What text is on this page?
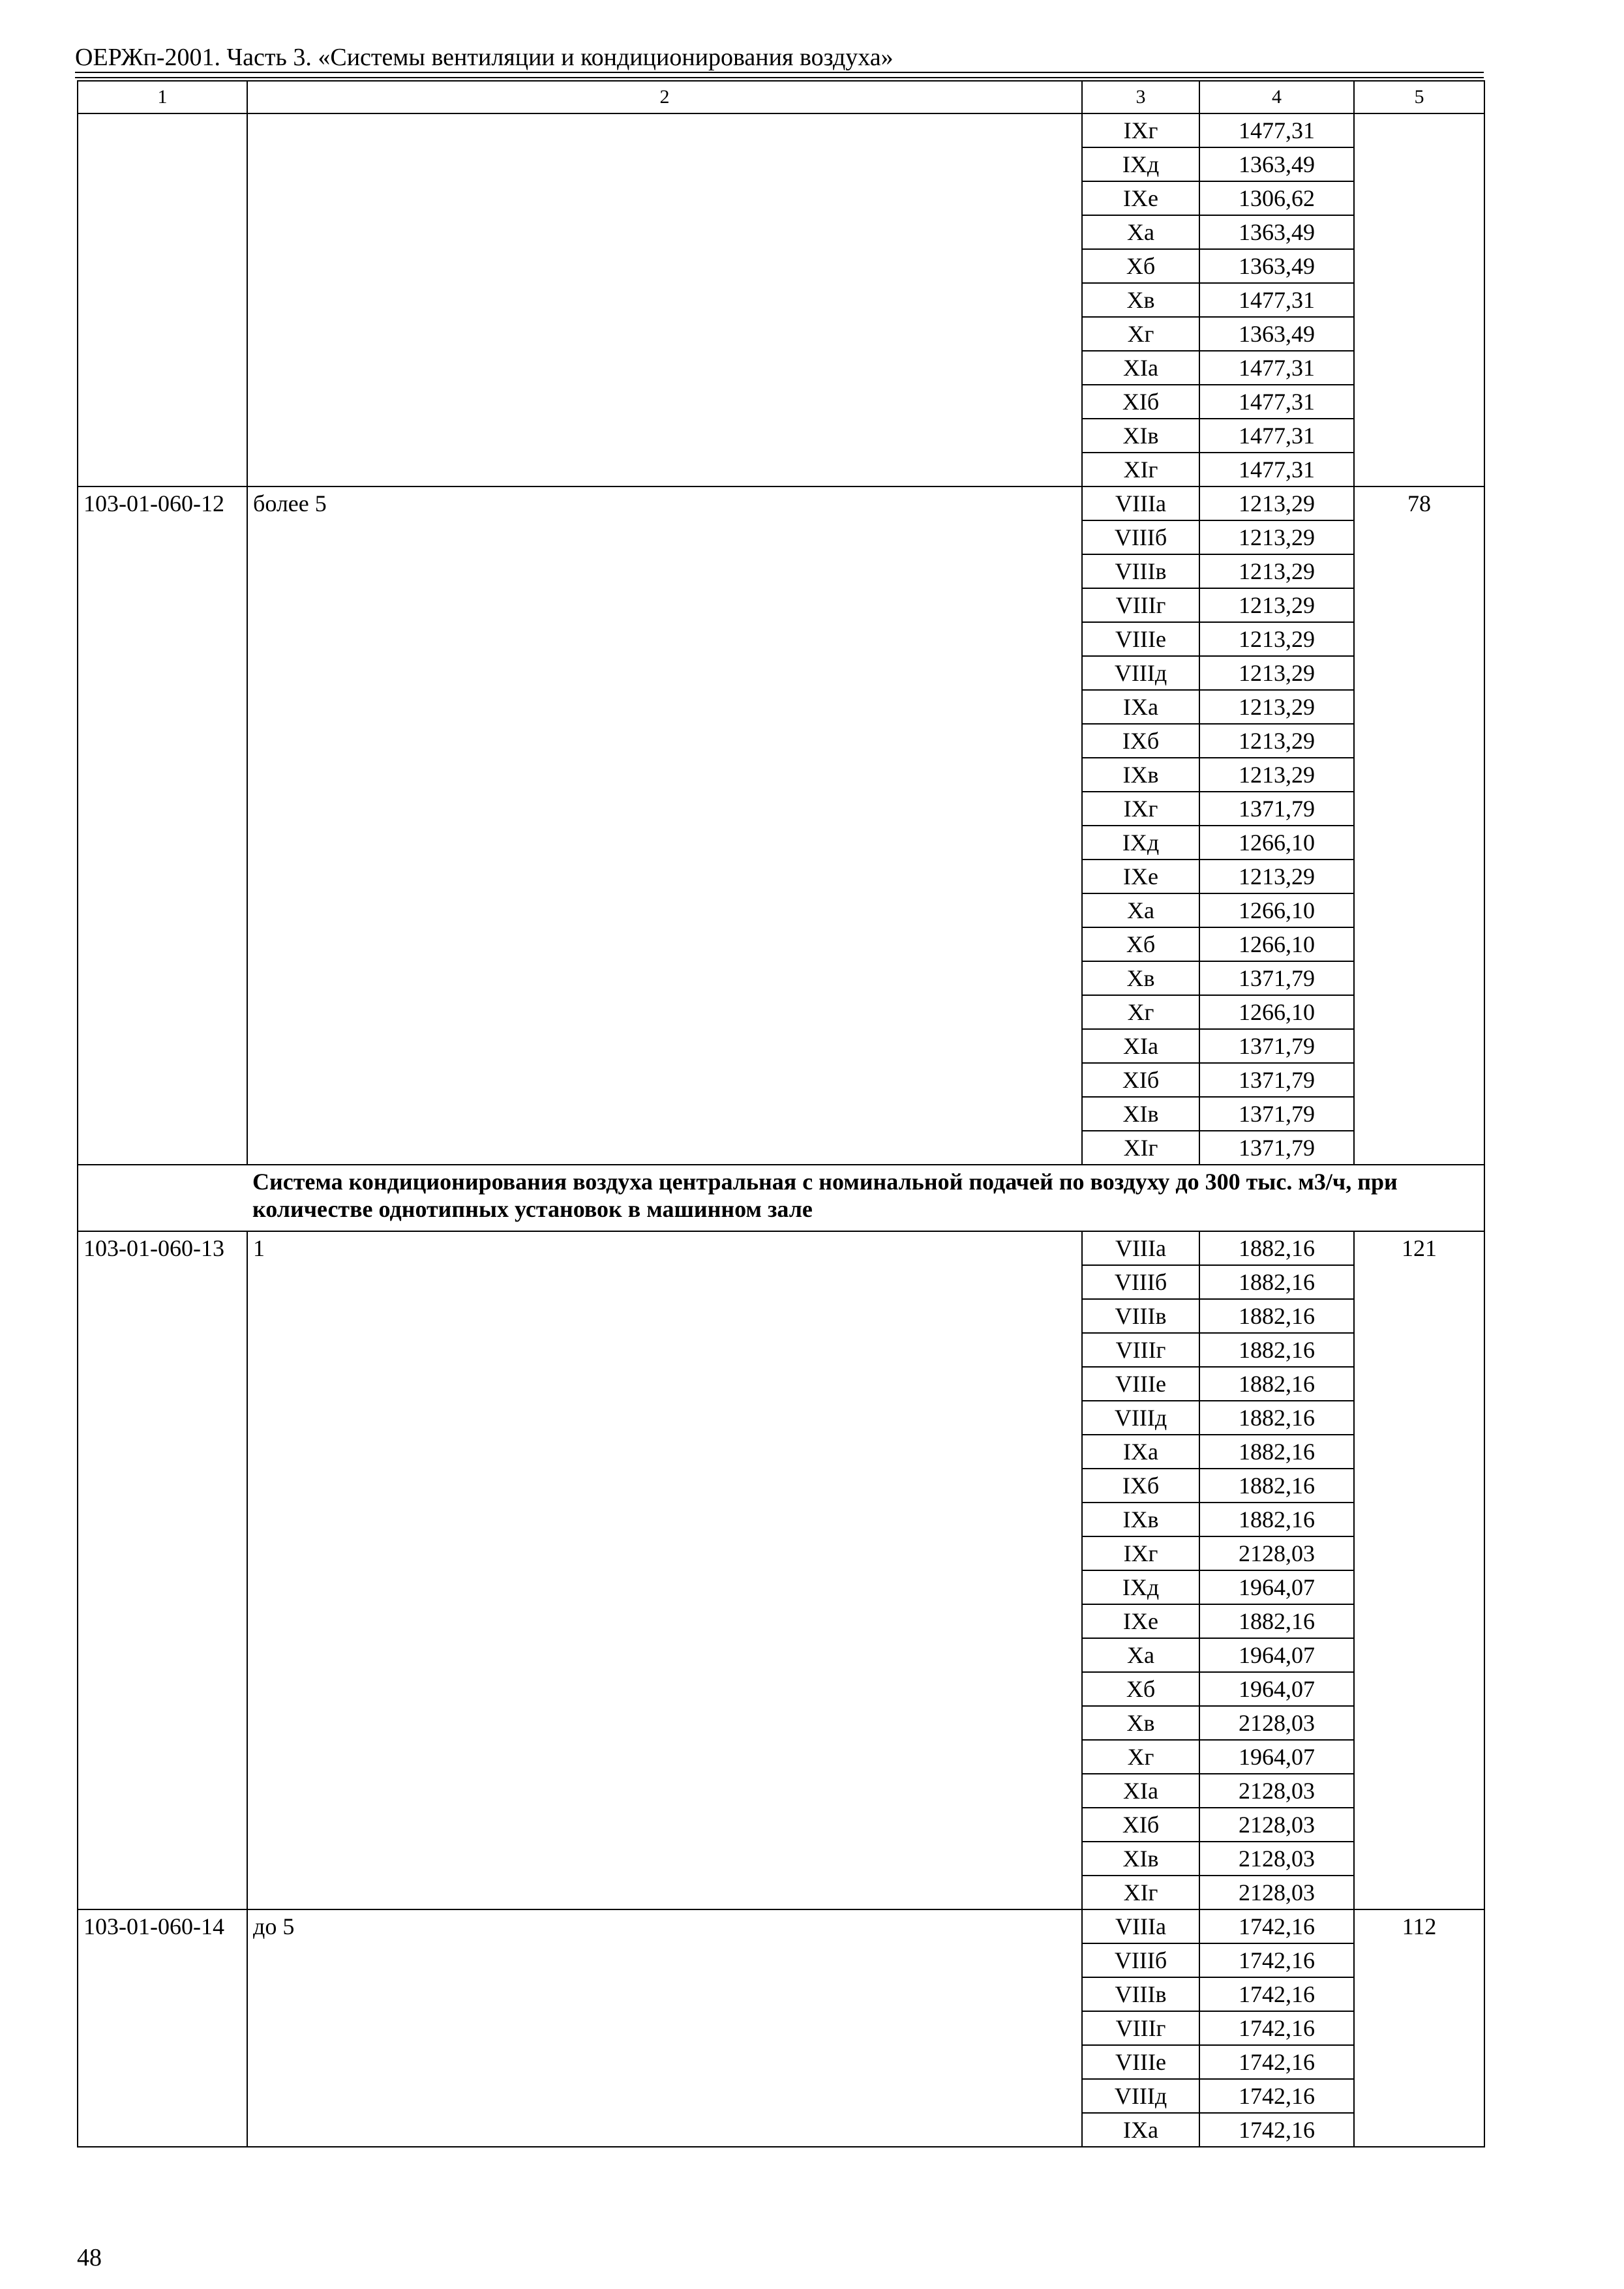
ОЕРЖп-2001. Часть 3. «Системы вентиляции и кондиционирования воздуха»
1	2	3	4	5
		IXг	1477,31	
		IXд	1363,49	
		IXе	1306,62	
		Xа	1363,49	
		Xб	1363,49	
		Xв	1477,31	
		Xг	1363,49	
		XIа	1477,31	
		XIб	1477,31	
		XIв	1477,31	
		XIг	1477,31	
103-01-060-12	более 5	VIIIа	1213,29	78
		VIIIб	1213,29	
		VIIIв	1213,29	
		VIIIг	1213,29	
		VIIIе	1213,29	
		VIIIд	1213,29	
		IXа	1213,29	
		IXб	1213,29	
		IXв	1213,29	
		IXг	1371,79	
		IXд	1266,10	
		IXе	1213,29	
		Xа	1266,10	
		Xб	1266,10	
		Xв	1371,79	
		Xг	1266,10	
		XIа	1371,79	
		XIб	1371,79	
		XIв	1371,79	
		XIг	1371,79	
	Система кондиционирования воздуха центральная с номинальной подачей по воздуху до 300 тыс. м3/ч, при количестве однотипных установок в машинном зале			
103-01-060-13	1	VIIIа	1882,16	121
		VIIIб	1882,16	
		VIIIв	1882,16	
		VIIIг	1882,16	
		VIIIе	1882,16	
		VIIIд	1882,16	
		IXа	1882,16	
		IXб	1882,16	
		IXв	1882,16	
		IXг	2128,03	
		IXд	1964,07	
		IXе	1882,16	
		Xа	1964,07	
		Xб	1964,07	
		Xв	2128,03	
		Xг	1964,07	
		XIа	2128,03	
		XIб	2128,03	
		XIв	2128,03	
		XIг	2128,03	
103-01-060-14	до 5	VIIIа	1742,16	112
		VIIIб	1742,16	
		VIIIв	1742,16	
		VIIIг	1742,16	
		VIIIе	1742,16	
		VIIIд	1742,16	
		IXа	1742,16	
48
